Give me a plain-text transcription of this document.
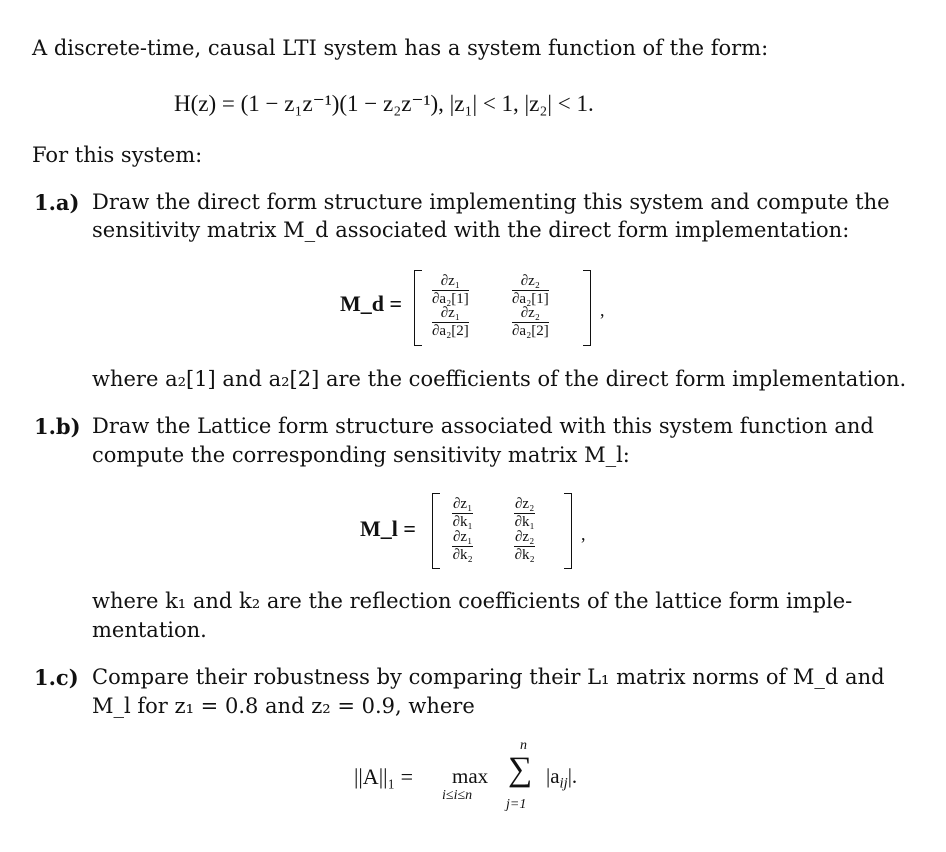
A discrete-time, causal LTI system has a system function of the form:
H(z) = (1 − z₁z⁻¹)(1 − z₂z⁻¹), |z₁| < 1, |z₂| < 1.
For this system:
1.a) Draw the direct form structure implementing this system and compute the
sensitivity matrix M_d associated with the direct form implementation:
M_d = $\frac{\text{∂z₁}}{\text{∂a₂[1]}}$	$\frac{\text{∂z₂}}{\text{∂a₂[1]}}$
$\frac{\text{∂z₁}}{\text{∂a₂[2]}}$	$\frac{\text{∂z₂}}{\text{∂a₂[2]}}$	,
where a₂[1] and a₂[2] are the coefficients of the direct form implementation.
1.b) Draw the Lattice form structure associated with this system function and
compute the corresponding sensitivity matrix M_l:
M_l = $\frac{\text{∂z₁}}{\text{∂k₁}}$	$\frac{\text{∂z₂}}{\text{∂k₁}}$
$\frac{\text{∂z₁}}{\text{∂k₂}}$	$\frac{\text{∂z₂}}{\text{∂k₂}}$	,
where k₁ and k₂ are the reflection coefficients of the lattice form imple-
mentation.
1.c) Compare their robustness by comparing their L₁ matrix norms of M_d and
M_l for z₁ = 0.8 and z₂ = 0.9, where
||A||₁ = max
i≤i≤n
n
∑
j=1
$|a_{ij}|$.
